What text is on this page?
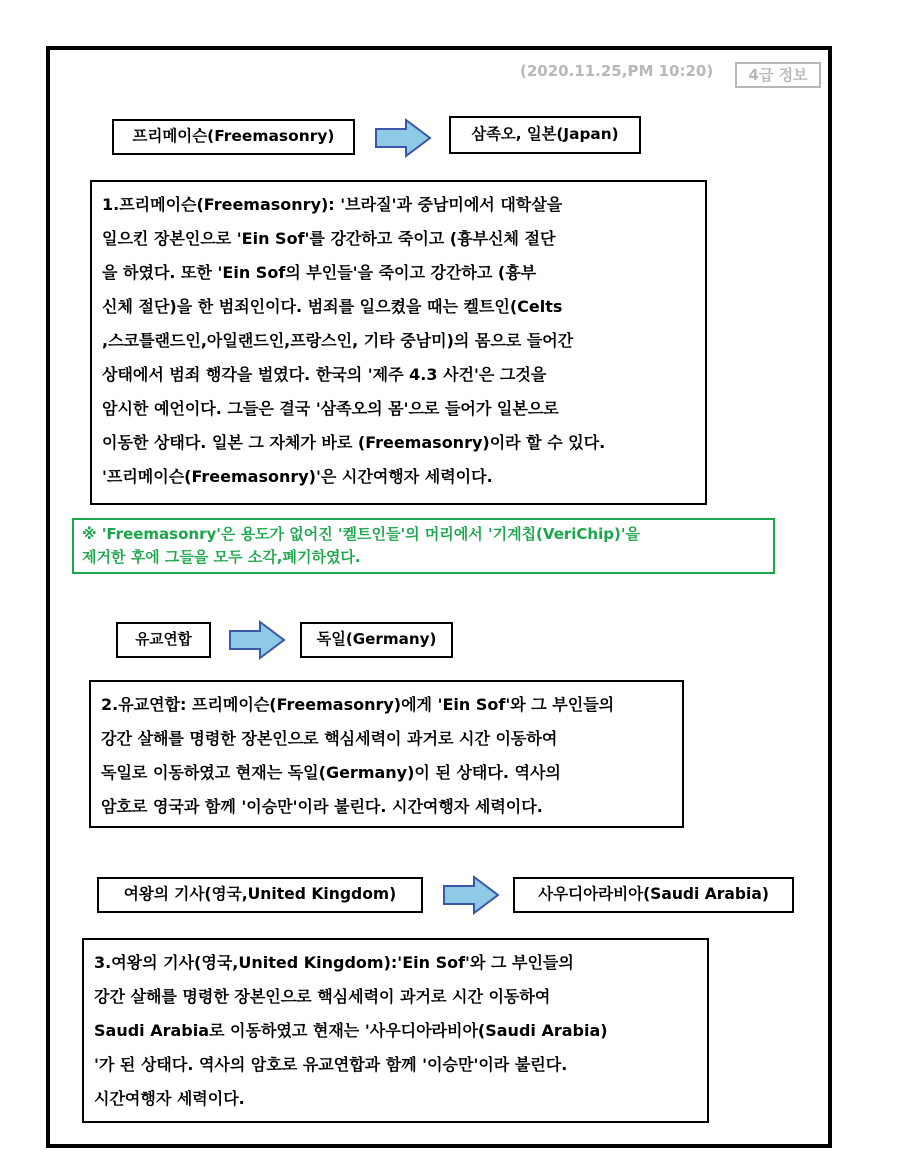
(2020.11.25,PM 10:20)	4급 정보
프리메이슨(Freemasonry)	삼족오, 일본(Japan)
1.프리메이슨(Freemasonry): '브라질'과 중남미에서 대학살을
일으킨 장본인으로 'Ein Sof'를 강간하고 죽이고 (흉부신체 절단
을 하였다. 또한 'Ein Sof의 부인들'을 죽이고 강간하고 (흉부
신체 절단)을 한 범죄인이다. 범죄를 일으켰을 때는 켈트인(Celts
,스코틀랜드인,아일랜드인,프랑스인, 기타 중남미)의 몸으로 들어간
상태에서 범죄 행각을 벌였다. 한국의 '제주 4.3 사건'은 그것을
암시한 예언이다. 그들은 결국 '삼족오의 몸'으로 들어가 일본으로
이동한 상태다. 일본 그 자체가 바로 (Freemasonry)이라 할 수 있다.
'프리메이슨(Freemasonry)'은 시간여행자 세력이다.
※ 'Freemasonry'은 용도가 없어진 '켈트인들'의 머리에서 '기계칩(VeriChip)'을
제거한 후에 그들을 모두 소각,폐기하였다.
유교연합	독일(Germany)
2.유교연합: 프리메이슨(Freemasonry)에게 'Ein Sof'와 그 부인들의
강간 살해를 명령한 장본인으로 핵심세력이 과거로 시간 이동하여
독일로 이동하였고 현재는 독일(Germany)이 된 상태다. 역사의
암호로 영국과 함께 '이승만'이라 불린다. 시간여행자 세력이다.
여왕의 기사(영국,United Kingdom)	사우디아라비아(Saudi Arabia)
3.여왕의 기사(영국,United Kingdom):'Ein Sof'와 그 부인들의
강간 살해를 명령한 장본인으로 핵심세력이 과거로 시간 이동하여
Saudi Arabia로 이동하였고 현재는 '사우디아라비아(Saudi Arabia)
'가 된 상태다. 역사의 암호로 유교연합과 함께 '이승만'이라 불린다.
시간여행자 세력이다.
